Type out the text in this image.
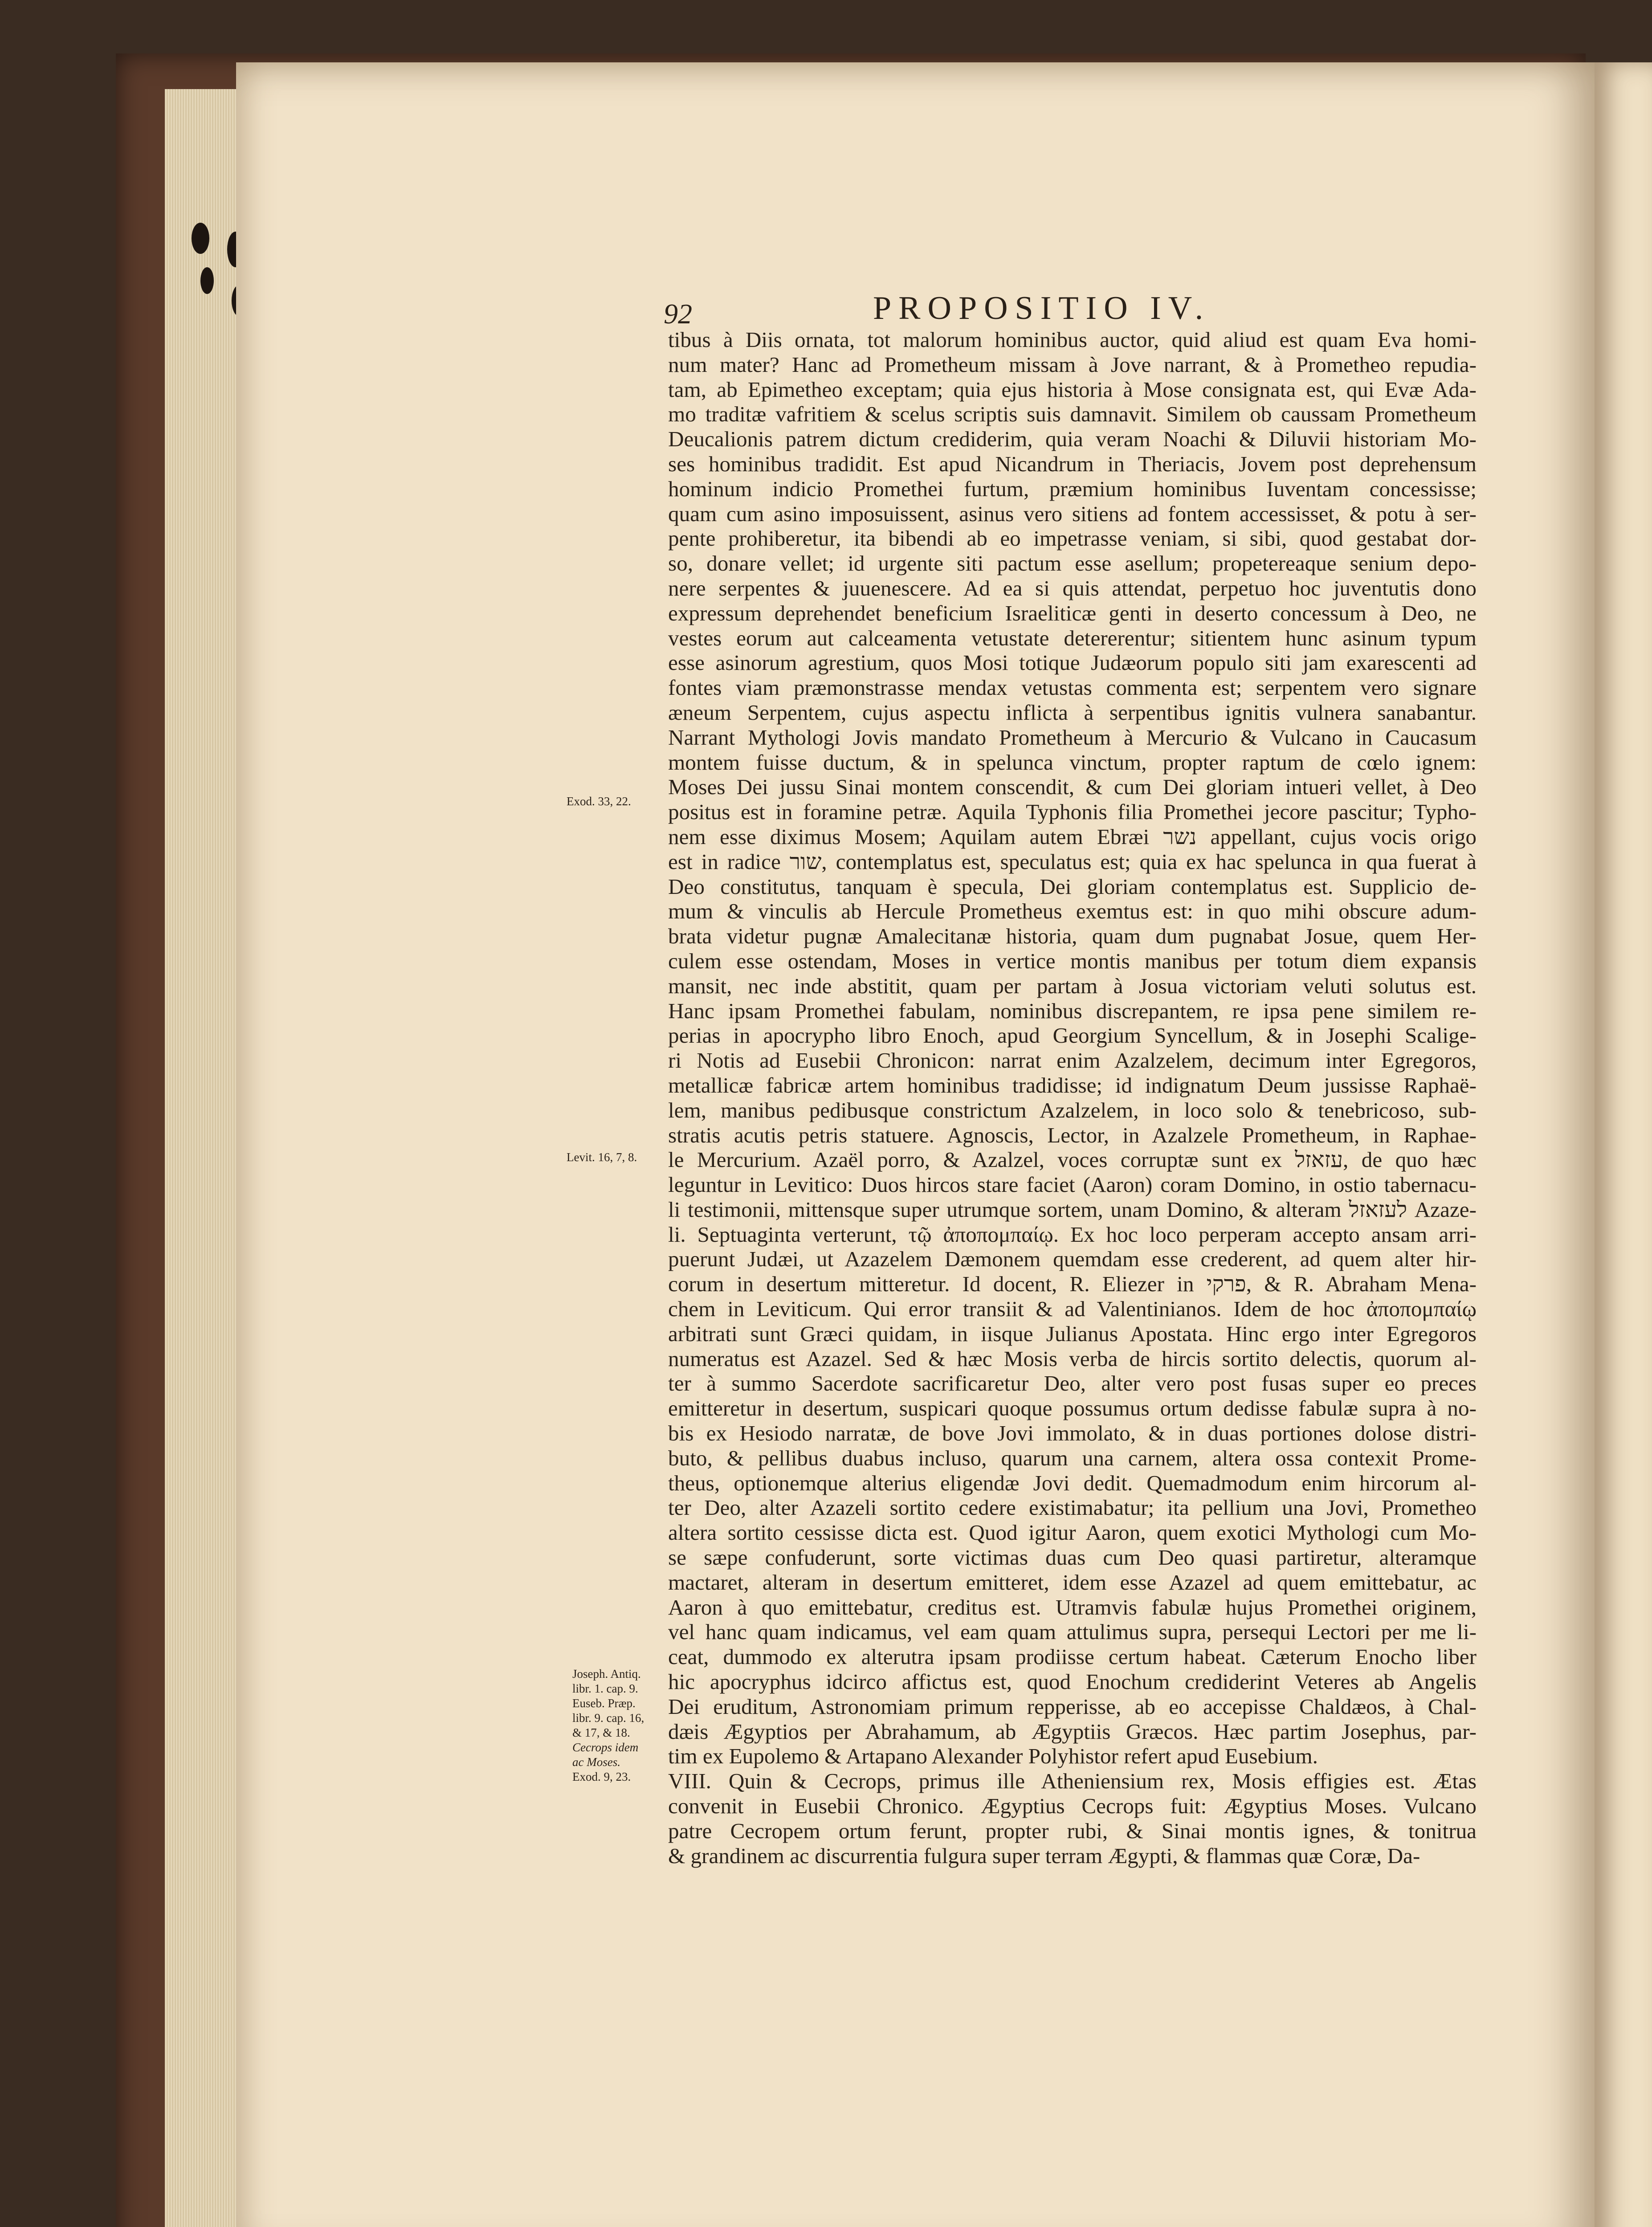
92	PROPOSITIO IV.
tibus à Diis ornata, tot malorum hominibus auctor, quid aliud est quam Eva homi-
num mater? Hanc ad Prometheum missam à Jove narrant, & à Prometheo repudia-
tam, ab Epimetheo exceptam; quia ejus historia à Mose consignata est, qui Evæ Ada-
mo traditæ vafritiem & scelus scriptis suis damnavit. Similem ob caussam Prometheum
Deucalionis patrem dictum crediderim, quia veram Noachi & Diluvii historiam Mo-
ses hominibus tradidit. Est apud Nicandrum in Theriacis, Jovem post deprehensum
hominum indicio Promethei furtum, præmium hominibus Iuventam concessisse;
quam cum asino imposuissent, asinus vero sitiens ad fontem accessisset, & potu à ser-
pente prohiberetur, ita bibendi ab eo impetrasse veniam, si sibi, quod gestabat dor-
so, donare vellet; id urgente siti pactum esse asellum; propetereaque senium depo-
nere serpentes & juuenescere. Ad ea si quis attendat, perpetuo hoc juventutis dono
expressum deprehendet beneficium Israeliticæ genti in deserto concessum à Deo, ne
vestes eorum aut calceamenta vetustate detererentur; sitientem hunc asinum typum
esse asinorum agrestium, quos Mosi totique Judæorum populo siti jam exarescenti ad
fontes viam præmonstrasse mendax vetustas commenta est; serpentem vero signare
æneum Serpentem, cujus aspectu inflicta à serpentibus ignitis vulnera sanabantur.
Narrant Mythologi Jovis mandato Prometheum à Mercurio & Vulcano in Caucasum
montem fuisse ductum, & in spelunca vinctum, propter raptum de cœlo ignem:
Moses Dei jussu Sinai montem conscendit, & cum Dei gloriam intueri vellet, à Deo
positus est in foramine petræ. Aquila Typhonis filia Promethei jecore pascitur; Typho-
nem esse diximus Mosem; Aquilam autem Ebræi נשר appellant, cujus vocis origo
est in radice שור, contemplatus est, speculatus est; quia ex hac spelunca in qua fuerat à
Deo constitutus, tanquam è specula, Dei gloriam contemplatus est. Supplicio de-
mum & vinculis ab Hercule Prometheus exemtus est: in quo mihi obscure adum-
brata videtur pugnæ Amalecitanæ historia, quam dum pugnabat Josue, quem Her-
culem esse ostendam, Moses in vertice montis manibus per totum diem expansis
mansit, nec inde abstitit, quam per partam à Josua victoriam veluti solutus est.
Hanc ipsam Promethei fabulam, nominibus discrepantem, re ipsa pene similem re-
perias in apocrypho libro Enoch, apud Georgium Syncellum, & in Josephi Scalige-
ri Notis ad Eusebii Chronicon: narrat enim Azalzelem, decimum inter Egregoros,
metallicæ fabricæ artem hominibus tradidisse; id indignatum Deum jussisse Raphaë-
lem, manibus pedibusque constrictum Azalzelem, in loco solo & tenebricoso, sub-
stratis acutis petris statuere. Agnoscis, Lector, in Azalzele Prometheum, in Raphae-
le Mercurium. Azaël porro, & Azalzel, voces corruptæ sunt ex עזאזל, de quo hæc
leguntur in Levitico: Duos hircos stare faciet (Aaron) coram Domino, in ostio tabernacu-
li testimonii, mittensque super utrumque sortem, unam Domino, & alteram לעזאזל Azaze-
li. Septuaginta verterunt, τῷ ἀποπομπαίῳ. Ex hoc loco perperam accepto ansam arri-
puerunt Judæi, ut Azazelem Dæmonem quemdam esse crederent, ad quem alter hir-
corum in desertum mitteretur. Id docent, R. Eliezer in פרקי, & R. Abraham Mena-
chem in Leviticum. Qui error transiit & ad Valentinianos. Idem de hoc ἀποπομπαίῳ
arbitrati sunt Græci quidam, in iisque Julianus Apostata. Hinc ergo inter Egregoros
numeratus est Azazel. Sed & hæc Mosis verba de hircis sortito delectis, quorum al-
ter à summo Sacerdote sacrificaretur Deo, alter vero post fusas super eo preces
emitteretur in desertum, suspicari quoque possumus ortum dedisse fabulæ supra à no-
bis ex Hesiodo narratæ, de bove Jovi immolato, & in duas portiones dolose distri-
buto, & pellibus duabus incluso, quarum una carnem, altera ossa contexit Prome-
theus, optionemque alterius eligendæ Jovi dedit. Quemadmodum enim hircorum al-
ter Deo, alter Azazeli sortito cedere existimabatur; ita pellium una Jovi, Prometheo
altera sortito cessisse dicta est. Quod igitur Aaron, quem exotici Mythologi cum Mo-
se sæpe confuderunt, sorte victimas duas cum Deo quasi partiretur, alteramque
mactaret, alteram in desertum emitteret, idem esse Azazel ad quem emittebatur, ac
Aaron à quo emittebatur, creditus est. Utramvis fabulæ hujus Promethei originem,
vel hanc quam indicamus, vel eam quam attulimus supra, persequi Lectori per me li-
ceat, dummodo ex alterutra ipsam prodiisse certum habeat. Cæterum Enocho liber
hic apocryphus idcirco affictus est, quod Enochum crediderint Veteres ab Angelis
Dei eruditum, Astronomiam primum repperisse, ab eo accepisse Chaldæos, à Chal-
dæis Ægyptios per Abrahamum, ab Ægyptiis Græcos. Hæc partim Josephus, par-
tim ex Eupolemo & Artapano Alexander Polyhistor refert apud Eusebium.
VIII. Quin & Cecrops, primus ille Atheniensium rex, Mosis effigies est. Ætas
convenit in Eusebii Chronico. Ægyptius Cecrops fuit: Ægyptius Moses. Vulcano
patre Cecropem ortum ferunt, propter rubi, & Sinai montis ignes, & tonitrua
& grandinem ac discurrentia fulgura super terram Ægypti, & flammas quæ Coræ, Da-
Exod. 33, 22.
Levit. 16, 7, 8.
Joseph. Antiq.
libr. 1. cap. 9.
Euseb. Præp.
libr. 9. cap. 16,
& 17, & 18.
Cecrops idem
ac Moses.
Exod. 9, 23.
